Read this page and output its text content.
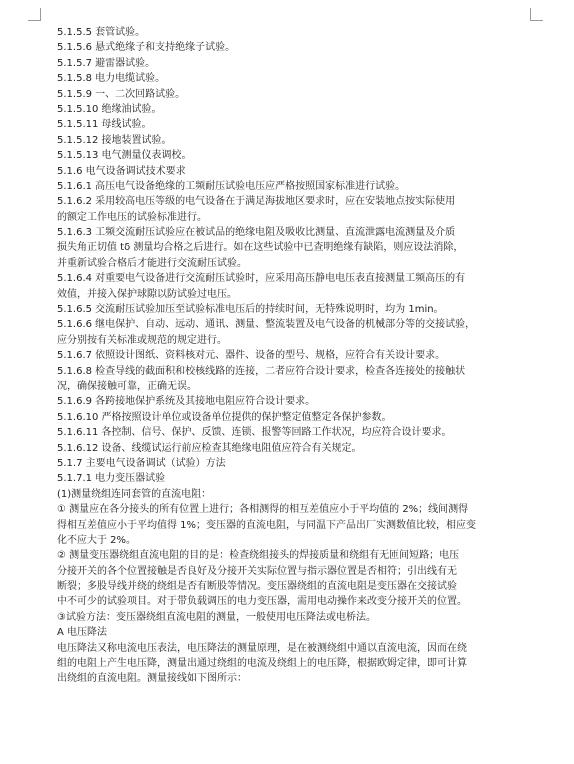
5.1.5.5 套管试验。
5.1.5.6 悬式绝缘子和支持绝缘子试验。
5.1.5.7 避雷器试验。
5.1.5.8 电力电缆试验。
5.1.5.9 一、二次回路试验。
5.1.5.10 绝缘油试验。
5.1.5.11 母线试验。
5.1.5.12 接地装置试验。
5.1.5.13 电气测量仪表调校。
5.1.6 电气设备调试技术要求
5.1.6.1 高压电气设备绝缘的工频耐压试验电压应严格按照国家标准进行试验。
5.1.6.2 采用较高电压等级的电气设备在于满足海拔地区要求时，应在安装地点按实际使用
的额定工作电压的试验标准进行。
5.1.6.3 工频交流耐压试验应在被试品的绝缘电阻及吸收比测量、直流泄露电流测量及介质
损失角正切值 tδ 测量均合格之后进行。如在这些试验中已查明绝缘有缺陷，则应设法消除，
并重新试验合格后才能进行交流耐压试验。
5.1.6.4 对重要电气设备进行交流耐压试验时，应采用高压静电电压表直接测量工频高压的有
效值，并接入保护球隙以防试验过电压。
5.1.6.5 交流耐压试验加压至试验标准电压后的持续时间，无特殊说明时，均为 1min。
5.1.6.6 继电保护、自动、远动、通讯、测量、整流装置及电气设备的机械部分等的交接试验，
应分别按有关标准或规范的规定进行。
5.1.6.7 依照设计图纸、资料核对元、器件、设备的型号、规格，应符合有关设计要求。
5.1.6.8 检查导线的截面积和校核线路的连接，二者应符合设计要求，检查各连接处的接触状
况，确保接触可靠，正确无误。
5.1.6.9 各跨接地保护系统及其接地电阻应符合设计要求。
5.1.6.10 严格按照设计单位或设备单位提供的保护整定值整定各保护参数。
5.1.6.11 各控制、信号、保护、反馈、连锁、报警等回路工作状况，均应符合设计要求。
5.1.6.12 设备、线缆试运行前应检查其绝缘电阻值应符合有关规定。
5.1.7 主要电气设备调试（试验）方法
5.1.7.1 电力变压器试验
(1)测量绕组连同套管的直流电阻：
① 测量应在各分接头的所有位置上进行；各相测得的相互差值应小于平均值的 2%；线间测得
得相互差值应小于平均值得 1%；变压器的直流电阻，与同温下产品出厂实测数值比较，相应变
化不应大于 2%。
② 测量变压器绕组直流电阻的目的是：检查绕组接头的焊接质量和绕组有无匝间短路；电压
分接开关的各个位置接触是否良好及分接开关实际位置与指示器位置是否相符；引出线有无
断裂；多股导线并绕的绕组是否有断股等情况。变压器绕组的直流电阻是变压器在交接试验
中不可少的试验项目。对于带负载调压的电力变压器，需用电动操作来改变分接开关的位置。
③试验方法：变压器绕组直流电阻的测量，一般使用电压降法或电桥法。
A 电压降法
电压降法又称电流电压表法，电压降法的测量原理，是在被测绕组中通以直流电流，因而在绕
组的电阻上产生电压降，测量出通过绕组的电流及绕组上的电压降，根据欧姆定律，即可计算
出绕组的直流电阻。测量接线如下图所示：
